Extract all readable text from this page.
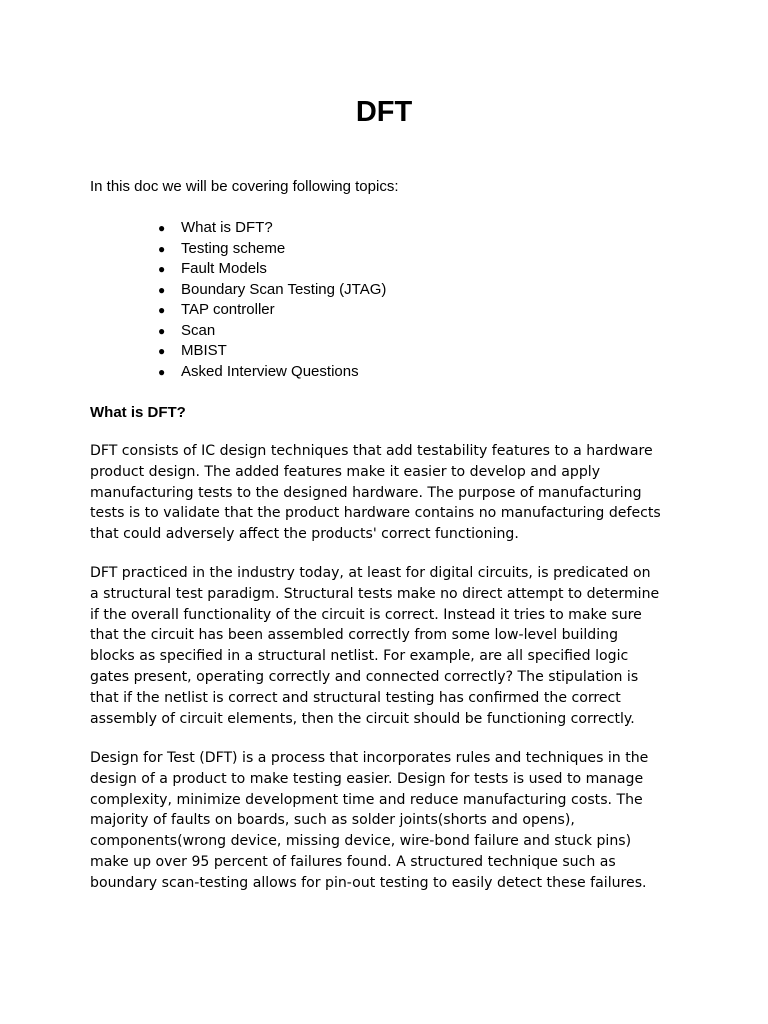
DFT

In this doc we will be covering following topics:

● What is DFT?
● Testing scheme
● Fault Models
● Boundary Scan Testing (JTAG)
● TAP controller
● Scan
● MBIST
● Asked Interview Questions
What is DFT?

DFT consists of IC design techniques that add testability features to a hardware
product design. The added features make it easier to develop and apply
manufacturing tests to the designed hardware. The purpose of manufacturing
tests is to validate that the product hardware contains no manufacturing defects
that could adversely affect the products' correct functioning.

DFT practiced in the industry today, at least for digital circuits, is predicated on
a structural test paradigm. Structural tests make no direct attempt to determine
if the overall functionality of the circuit is correct. Instead it tries to make sure
that the circuit has been assembled correctly from some low-level building
blocks as specified in a structural netlist. For example, are all specified logic
gates present, operating correctly and connected correctly? The stipulation is
that if the netlist is correct and structural testing has confirmed the correct
assembly of circuit elements, then the circuit should be functioning correctly.

Design for Test (DFT) is a process that incorporates rules and techniques in the
design of a product to make testing easier. Design for tests is used to manage
complexity, minimize development time and reduce manufacturing costs. The
majority of faults on boards, such as solder joints(shorts and opens),
components(wrong device, missing device, wire-bond failure and stuck pins)
make up over 95 percent of failures found. A structured technique such as
boundary scan-testing allows for pin-out testing to easily detect these failures.
